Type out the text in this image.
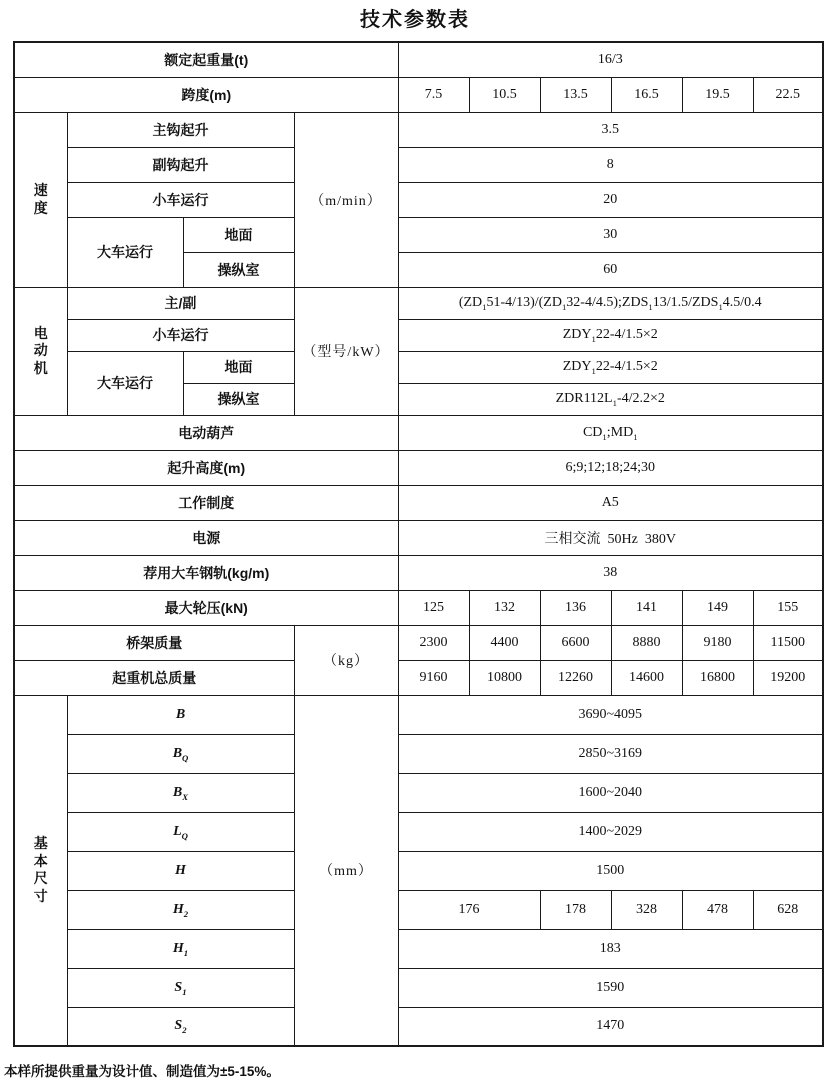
技术参数表
额定起重量(t)				16/3					
跨度(m)				7.5	10.5	13.5	16.5	19.5	22.5
速
度	主钩起升		（m/min）	3.5					
	副钩起升			8					
	小车运行			20					
	大车运行	地面		30					
		操纵室		60					
电
动
机	主/副		（型号/kW）	$(ZD_151-4/13)/(ZD_132-4/4.5);ZDS_113/1.5/ZDS_14.5/0.4$					
	小车运行			$ZDY_122-4/1.5\times 2$					
	大车运行	地面		$ZDY_122-4/1.5\times 2$					
		操纵室		$ZDR112L_1-4/2.2\times 2$					
电动葫芦				$CD_1;MD_1$
起升高度(m)				6;9;12;18;24;30					
工作制度				A5					
电源				三相交流  50Hz  380V					
荐用大车钢轨(kg/m)				38					
最大轮压(kN)				125	132	136	141	149	155
桥架质量			（kg）	2300	4400	6600	8880	9180	11500
起重机总质量				9160	10800	12260	14600	16800	19200
基
本
尺
寸	B		（mm）	3690~4095					
	$B_Q$			2850~3169					
	$B_X$			1600~2040					
	$L_Q$			1400~2029					
	H			1500					
	$H_2$			176		178	328	478	628
	$H_1$			183					
	$S_1$			1590					
	$S_2$			1470					
本样所提供重量为设计值、制造值为±5-15%。
